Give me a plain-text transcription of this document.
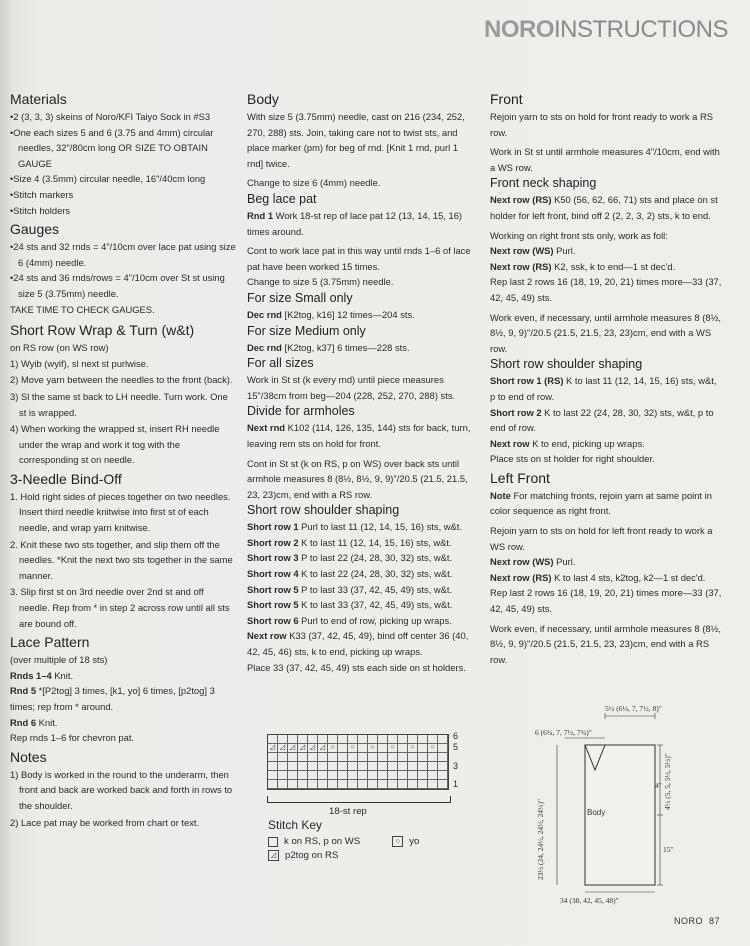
NOROINSTRUCTIONS
Materials
•2 (3, 3, 3) skeins of Noro/KFI Taiyo Sock in #S3
•One each sizes 5 and 6 (3.75 and 4mm) circular needles, 32"/80cm long OR SIZE TO OBTAIN GAUGE
•Size 4 (3.5mm) circular needle, 16"/40cm long
•Stitch markers
•Stitch holders
Gauges
•24 sts and 32 rnds = 4"/10cm over lace pat using size 6 (4mm) needle.
•24 sts and 36 rnds/rows = 4"/10cm over St st using size 5 (3.75mm) needle.

TAKE TIME TO CHECK GAUGES.

Short Row Wrap & Turn (w&t)
on RS row (on WS row)
1) Wyib (wyif), sl next st purlwise.
2) Move yarn between the needles to the front (back).
3) Sl the same st back to LH needle. Turn work. One st is wrapped.
4) When working the wrapped st, insert RH needle under the wrap and work it tog with the corresponding st on needle.
3-Needle Bind-Off
1. Hold right sides of pieces together on two needles. Insert third needle knitwise into first st of each needle, and wrap yarn knitwise.
2. Knit these two sts together, and slip them off the needles. *Knit the next two sts together in the same manner.
3. Slip first st on 3rd needle over 2nd st and off needle. Rep from * in step 2 across row until all sts are bound off.
Lace Pattern
(over multiple of 18 sts)
Rnds 1–4 Knit.
Rnd 5 *[P2tog] 3 times, [k1, yo] 6 times, [p2tog] 3 times; rep from * around.
Rnd 6 Knit.
Rep rnds 1–6 for chevron pat.
Notes
1) Body is worked in the round to the underarm, then front and back are worked back and forth in rows to the shoulder.
2) Lace pat may be worked from chart or text.
Body

With size 5 (3.75mm) needle, cast on 216 (234, 252, 270, 288) sts. Join, taking care not to twist sts, and place marker (pm) for beg of rnd. [Knit 1 rnd, purl 1 rnd] twice.

Change to size 6 (4mm) needle.
Beg lace pat

Rnd 1 Work 18-st rep of lace pat 12 (13, 14, 15, 16) times around.

Cont to work lace pat in this way until rnds 1–6 of lace pat have been worked 15 times.
Change to size 5 (3.75mm) needle.
For size Small only
Dec rnd [K2tog, k16] 12 times—204 sts.
For size Medium only
Dec rnd [K2tog, k37] 6 times—228 sts.
For all sizes
Work in St st (k every rnd) until piece measures 15"/38cm from beg—204 (228, 252, 270, 288) sts.
Divide for armholes

Next rnd K102 (114, 126, 135, 144) sts for back, turn, leaving rem sts on hold for front.

Cont in St st (k on RS, p on WS) over back sts until armhole measures 8 (8½, 8½, 9, 9)"/20.5 (21.5, 21.5, 23, 23)cm, end with a RS row.
Short row shoulder shaping
Short row 1 Purl to last 11 (12, 14, 15, 16) sts, w&t.
Short row 2 K to last 11 (12, 14, 15, 16) sts, w&t.
Short row 3 P to last 22 (24, 28, 30, 32) sts, w&t.
Short row 4 K to last 22 (24, 28, 30, 32) sts, w&t.
Short row 5 P to last 33 (37, 42, 45, 49) sts, w&t.
Short row 5 K to last 33 (37, 42, 45, 49) sts, w&t.
Short row 6 Purl to end of row, picking up wraps.
Next row K33 (37, 42, 45, 49), bind off center 36 (40, 42, 45, 46) sts, k to end, picking up wraps.
Place 33 (37, 42, 45, 49) sts each side on st holders.
◿ ◿ ◿ ◿ ◿ ◿ ○	○	○	○	○	○
6
5
3
1
18-st rep
Stitch Key
k on RS, p on WS	○ yo
◿ p2tog on RS
Front

Rejoin yarn to sts on hold for front ready to work a RS row.

Work in St st until armhole measures 4"/10cm, end with a WS row.
Front neck shaping

Next row (RS) K50 (56, 62, 66, 71) sts and place on st holder for left front, bind off 2 (2, 2, 3, 2) sts, k to end.

Working on right front sts only, work as foll:
Next row (WS) Purl.
Next row (RS) K2, ssk, k to end—1 st dec'd.

Rep last 2 rows 16 (18, 19, 20, 21) times more—33 (37, 42, 45, 49) sts.

Work even, if necessary, until armhole measures 8 (8½, 8½, 9, 9)"/20.5 (21.5, 21.5, 23, 23)cm, end with a WS row.
Short row shoulder shaping
Short row 1 (RS) K to last 11 (12, 14, 15, 16) sts, w&t, p to end of row.
Short row 2 K to last 22 (24, 28, 30, 32) sts, w&t, p to end of row.
Next row K to end, picking up wraps.
Place sts on st holder for right shoulder.
Left Front

Note For matching fronts, rejoin yarn at same point in color sequence as right front.

Rejoin yarn to sts on hold for left front ready to work a WS row.
Next row (WS) Purl.
Next row (RS) K to last 4 sts, k2tog, k2—1 st dec'd.

Rep last 2 rows 16 (18, 19, 20, 21) times more—33 (37, 42, 45, 49) sts.

Work even, if necessary, until armhole measures 8 (8½, 8½, 9, 9)"/20.5 (21.5, 21.5, 23, 23)cm, end with a RS row.
5½ (6¼, 7, 7½, 8)"
6 (6¾, 7, 7½, 7¾)"
4" 4½ (5, 5, 5½, 5½)"
15"
Body
23½ (24, 24½, 24½, 24½)"
34 (38, 42, 45, 48)"
NORO 87
